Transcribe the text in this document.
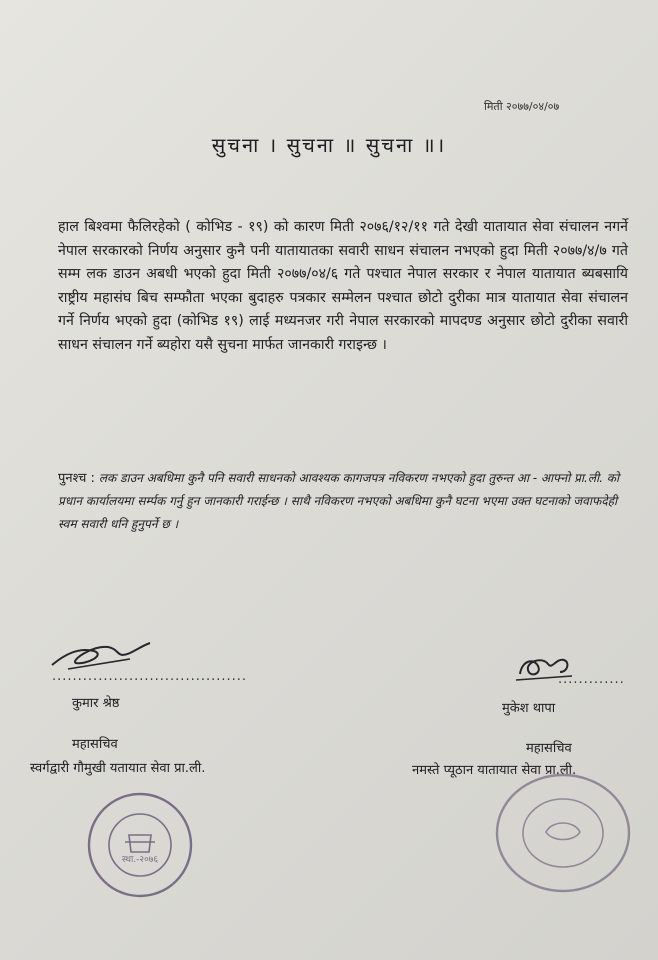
मिती २०७७/०४/०७
सुचना । सुचना ॥ सुचना ॥।

हाल बिश्वमा फैलिरहेको ( कोभिड - १९) को कारण मिती २०७६/१२/११ गते देखी यातायात सेवा संचालन नगर्ने नेपाल सरकारको निर्णय अनुसार कुनै पनी यातायातका सवारी साधन संचालन नभएको हुदा मिती २०७७/४/७ गते सम्म लक डाउन अबधी भएको हुदा मिती २०७७/०४/६ गते पश्चात नेपाल सरकार र नेपाल यातायात ब्यबसायि राष्ट्रीय महासंघ बिच सम्फौता भएका बुदाहरु पत्रकार सम्मेलन पश्चात छोटो दुरीका मात्र यातायात सेवा संचालन गर्ने निर्णय भएको हुदा (कोभिड १९) लाई मध्यनजर गरी नेपाल सरकारको मापदण्ड अनुसार छोटो दुरीका सवारी साधन संचालन गर्ने ब्यहोरा यसै सुचना मार्फत जानकारी गराइन्छ ।

पुनश्च : लक डाउन अबधिमा कुनै पनि सवारी साधनको आवश्यक कागजपत्र नविकरण नभएको हुदा तुरुन्त आ - आफ्नो प्रा.ली. को प्रधान कार्यालयमा सर्म्पक गर्नु हुन जानकारी गराईन्छ । साथै नविकरण नभएको अबधिमा कुनै घटना भएमा उक्त घटनाको जवाफदेही स्वम सवारी धनि हुनुपर्ने छ ।

......................................
कुमार श्रेष्ठ
महासचिव
स्वर्गद्वारी गौमुखी यतायात सेवा प्रा.ली.
.............
मुकेश थापा
महासचिव
नमस्ते प्यूठान यातायात सेवा प्रा.ली.
स्था.-२०७६
